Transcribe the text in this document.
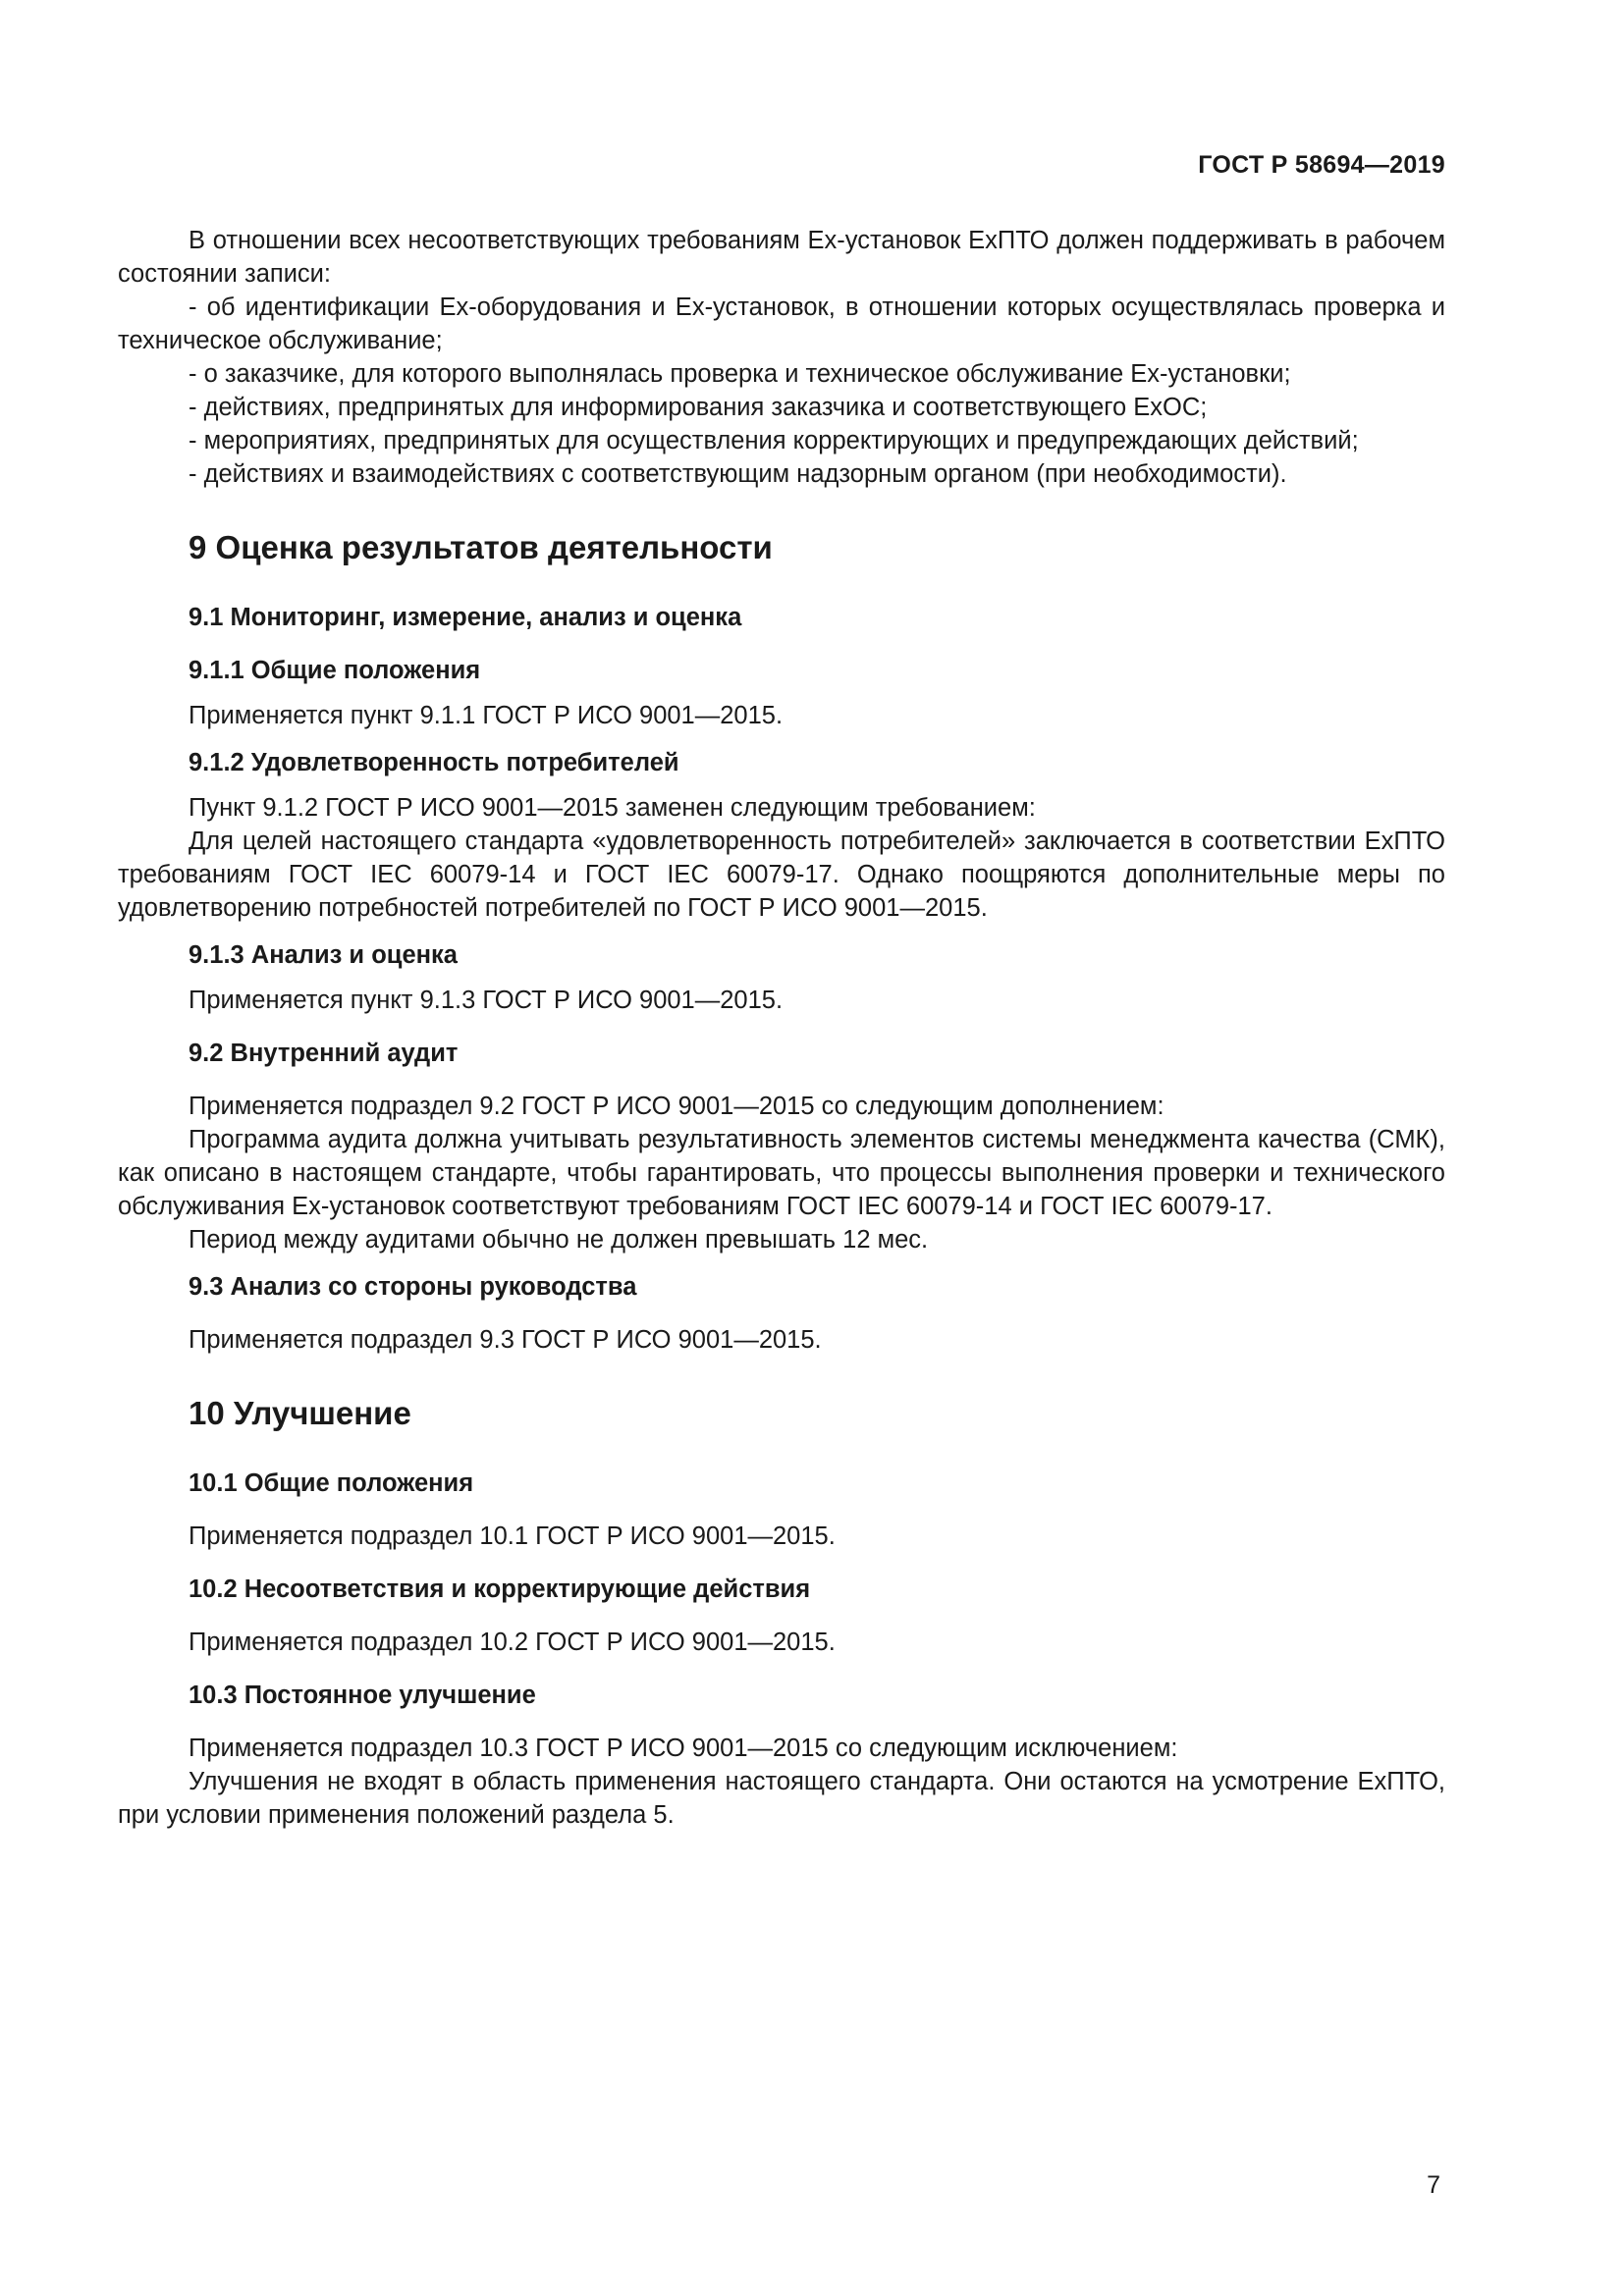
ГОСТ Р 58694—2019

В отношении всех несоответствующих требованиям Ex-установок ExПТО должен поддерживать в рабочем состоянии записи:

- об идентификации Ex-оборудования и Ex-установок, в отношении которых осуществлялась проверка и техническое обслуживание;

- о заказчике, для которого выполнялась проверка и техническое обслуживание Ex-установки;

- действиях, предпринятых для информирования заказчика и соответствующего ExOC;

- мероприятиях, предпринятых для осуществления корректирующих и предупреждающих действий;

- действиях и взаимодействиях с соответствующим надзорным органом (при необходимости).

9 Оценка результатов деятельности
9.1 Мониторинг, измерение, анализ и оценка
9.1.1 Общие положения

Применяется пункт 9.1.1 ГОСТ Р ИСО 9001—2015.

9.1.2 Удовлетворенность потребителей

Пункт 9.1.2 ГОСТ Р ИСО 9001—2015 заменен следующим требованием:

Для целей настоящего стандарта «удовлетворенность потребителей» заключается в соответствии ExПТО требованиям ГОСТ IEC 60079-14 и ГОСТ IEC 60079-17. Однако поощряются дополнительные меры по удовлетворению потребностей потребителей по ГОСТ Р ИСО 9001—2015.

9.1.3 Анализ и оценка

Применяется пункт 9.1.3 ГОСТ Р ИСО 9001—2015.

9.2 Внутренний аудит

Применяется подраздел 9.2 ГОСТ Р ИСО 9001—2015 со следующим дополнением:

Программа аудита должна учитывать результативность элементов системы менеджмента качества (СМК), как описано в настоящем стандарте, чтобы гарантировать, что процессы выполнения проверки и технического обслуживания Ex-установок соответствуют требованиям ГОСТ IEC 60079-14 и ГОСТ IEC 60079-17.

Период между аудитами обычно не должен превышать 12 мес.

9.3 Анализ со стороны руководства

Применяется подраздел 9.3 ГОСТ Р ИСО 9001—2015.

10 Улучшение
10.1 Общие положения

Применяется подраздел 10.1 ГОСТ Р ИСО 9001—2015.

10.2 Несоответствия и корректирующие действия

Применяется подраздел 10.2 ГОСТ Р ИСО 9001—2015.

10.3 Постоянное улучшение

Применяется подраздел 10.3 ГОСТ Р ИСО 9001—2015 со следующим исключением:

Улучшения не входят в область применения настоящего стандарта. Они остаются на усмотрение ExПТО, при условии применения положений раздела 5.

7
